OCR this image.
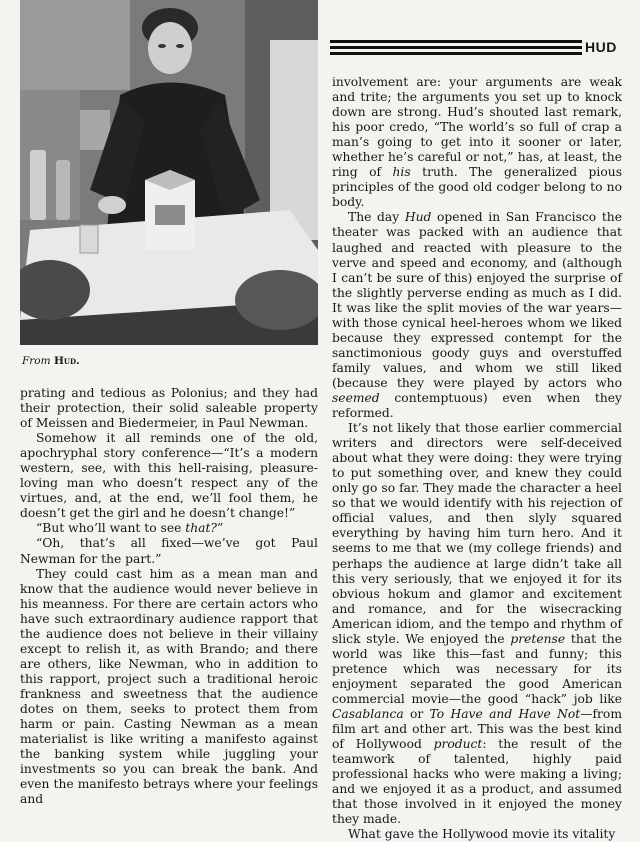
HUD
From Hud.

prating and tedious as Polonius; and they had their protection, their solid saleable property of Meissen and Biedermeier, in Paul Newman.

Somehow it all reminds one of the old, apochryphal story conference—“It’s a modern western, see, with this hell-raising, pleasure-loving man who doesn’t respect any of the virtues, and, at the end, we’ll fool them, he doesn’t get the girl and he doesn’t change!”

“But who’ll want to see that?”

“Oh, that’s all fixed—we’ve got Paul Newman for the part.”

They could cast him as a mean man and know that the audience would never believe in his meanness. For there are certain actors who have such extraordinary audience rapport that the audience does not believe in their villainy except to relish it, as with Brando; and there are others, like Newman, who in addition to this rapport, project such a traditional heroic frankness and sweetness that the audience dotes on them, seeks to protect them from harm or pain. Casting Newman as a mean materialist is like writing a manifesto against the banking system while juggling your investments so you can break the bank. And even the manifesto betrays where your feelings and

involvement are: your arguments are weak and trite; the arguments you set up to knock down are strong. Hud’s shouted last remark, his poor credo, “The world’s so full of crap a man’s going to get into it sooner or later, whether he’s careful or not,” has, at least, the ring of his truth. The generalized pious principles of the good old codger belong to no body.

The day Hud opened in San Francisco the theater was packed with an audience that laughed and reacted with pleasure to the verve and speed and economy, and (although I can’t be sure of this) enjoyed the surprise of the slightly perverse ending as much as I did. It was like the split movies of the war years—with those cynical heel-heroes whom we liked because they expressed contempt for the sanctimonious goody guys and overstuffed family values, and whom we still liked (because they were played by actors who seemed contemptuous) even when they reformed.

It’s not likely that those earlier commercial writers and directors were self-deceived about what they were doing: they were trying to put something over, and knew they could only go so far. They made the character a heel so that we would identify with his rejection of official values, and then slyly squared everything by having him turn hero. And it seems to me that we (my college friends) and perhaps the audience at large didn’t take all this very seriously, that we enjoyed it for its obvious hokum and glamor and excitement and romance, and for the wisecracking American idiom, and the tempo and rhythm of slick style. We enjoyed the pretense that the world was like this—fast and funny; this pretence which was necessary for its enjoyment separated the good American commercial movie—the good “hack” job like Casablanca or To Have and Have Not—from film art and other art. This was the best kind of Hollywood product: the result of the teamwork of talented, highly paid professional hacks who were making a living; and we enjoyed it as a product, and assumed that those involved in it enjoyed the money they made.

What gave the Hollywood movie its vitality
